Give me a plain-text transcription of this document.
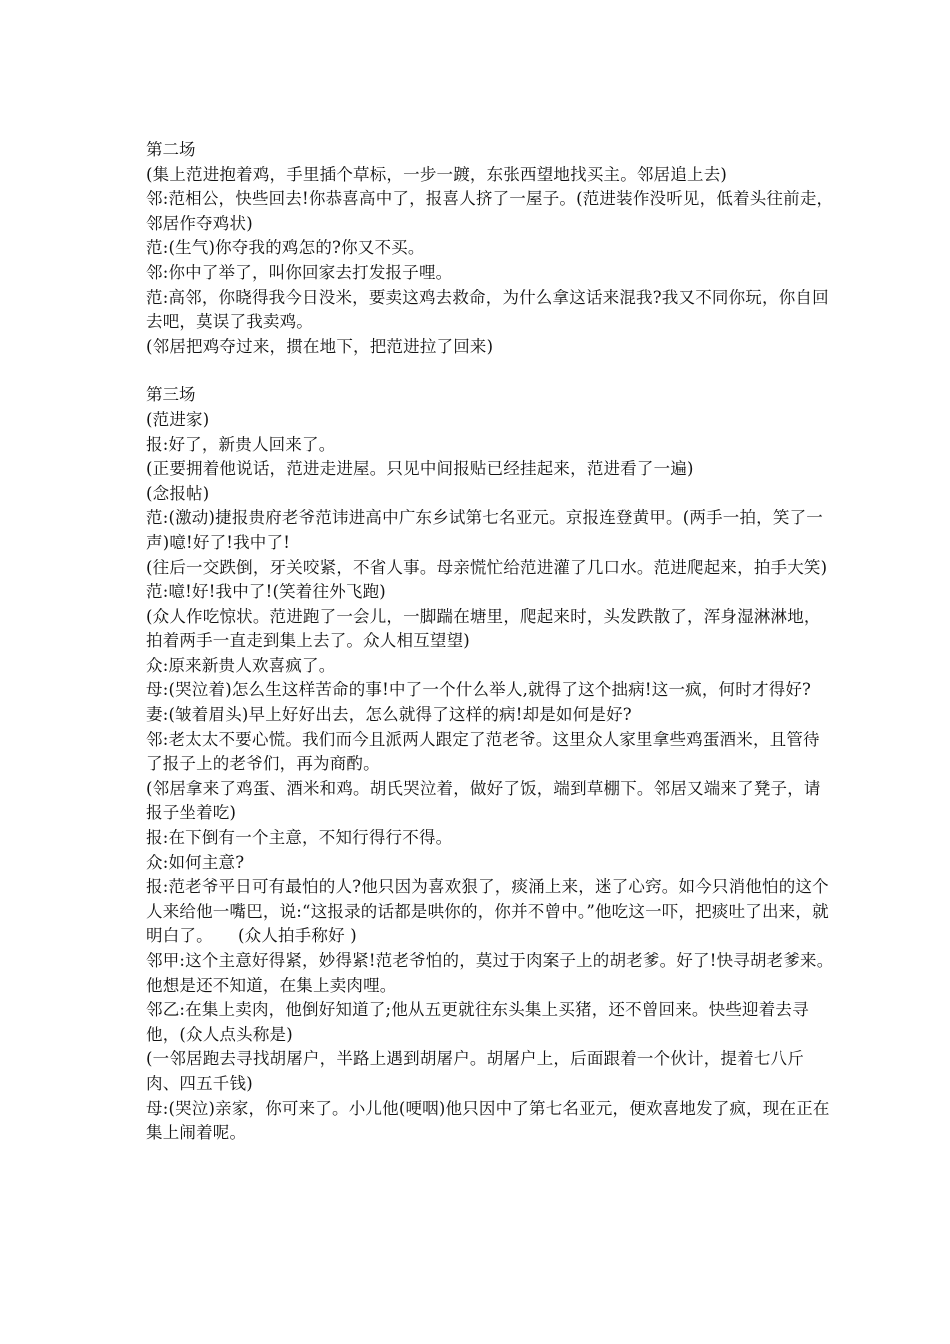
第二场
(集上范进抱着鸡，手里插个草标，一步一踱，东张西望地找买主。邻居追上去)
邻:范相公，快些回去!你恭喜高中了，报喜人挤了一屋子。(范进装作没听见，低着头往前走，邻居作夺鸡状)
范:(生气)你夺我的鸡怎的?你又不买。
邻:你中了举了，叫你回家去打发报子哩。
范:高邻，你晓得我今日没米，要卖这鸡去救命，为什么拿这话来混我?我又不同你玩，你自回去吧，莫误了我卖鸡。
(邻居把鸡夺过来，掼在地下，把范进拉了回来)
第三场
(范进家)
报:好了，新贵人回来了。
(正要拥着他说话，范进走进屋。只见中间报贴已经挂起来，范进看了一遍)
(念报帖)
范:(激动)捷报贵府老爷范讳进高中广东乡试第七名亚元。京报连登黄甲。(两手一拍，笑了一声)噫!好了!我中了!
(往后一交跌倒，牙关咬紧，不省人事。母亲慌忙给范进灌了几口水。范进爬起来，拍手大笑)
范:噫!好!我中了!(笑着往外飞跑)
(众人作吃惊状。范进跑了一会儿，一脚踹在塘里，爬起来时，头发跌散了，浑身湿淋淋地，拍着两手一直走到集上去了。众人相互望望)
众:原来新贵人欢喜疯了。
母:(哭泣着)怎么生这样苦命的事!中了一个什么举人,就得了这个拙病!这一疯，何时才得好?
妻:(皱着眉头)早上好好出去，怎么就得了这样的病!却是如何是好?
邻:老太太不要心慌。我们而今且派两人跟定了范老爷。这里众人家里拿些鸡蛋酒米，且管待了报子上的老爷们，再为商酌。
(邻居拿来了鸡蛋、酒米和鸡。胡氏哭泣着，做好了饭，端到草棚下。邻居又端来了凳子，请报子坐着吃)
报:在下倒有一个主意，不知行得行不得。
众:如何主意?
报:范老爷平日可有最怕的人?他只因为喜欢狠了，痰涌上来，迷了心窍。如今只消他怕的这个人来给他一嘴巴，说:“这报录的话都是哄你的，你并不曾中。”他吃这一吓，把痰吐了出来，就明白了。　　(众人拍手称好 )
邻甲:这个主意好得紧，妙得紧!范老爷怕的，莫过于肉案子上的胡老爹。好了!快寻胡老爹来。他想是还不知道，在集上卖肉哩。
邻乙:在集上卖肉，他倒好知道了;他从五更就往东头集上买猪，还不曾回来。快些迎着去寻他，(众人点头称是)
(一邻居跑去寻找胡屠户，半路上遇到胡屠户。胡屠户上，后面跟着一个伙计，提着七八斤肉、四五千钱)
母:(哭泣)亲家，你可来了。小儿他(哽咽)他只因中了第七名亚元，便欢喜地发了疯，现在正在集上闹着呢。
